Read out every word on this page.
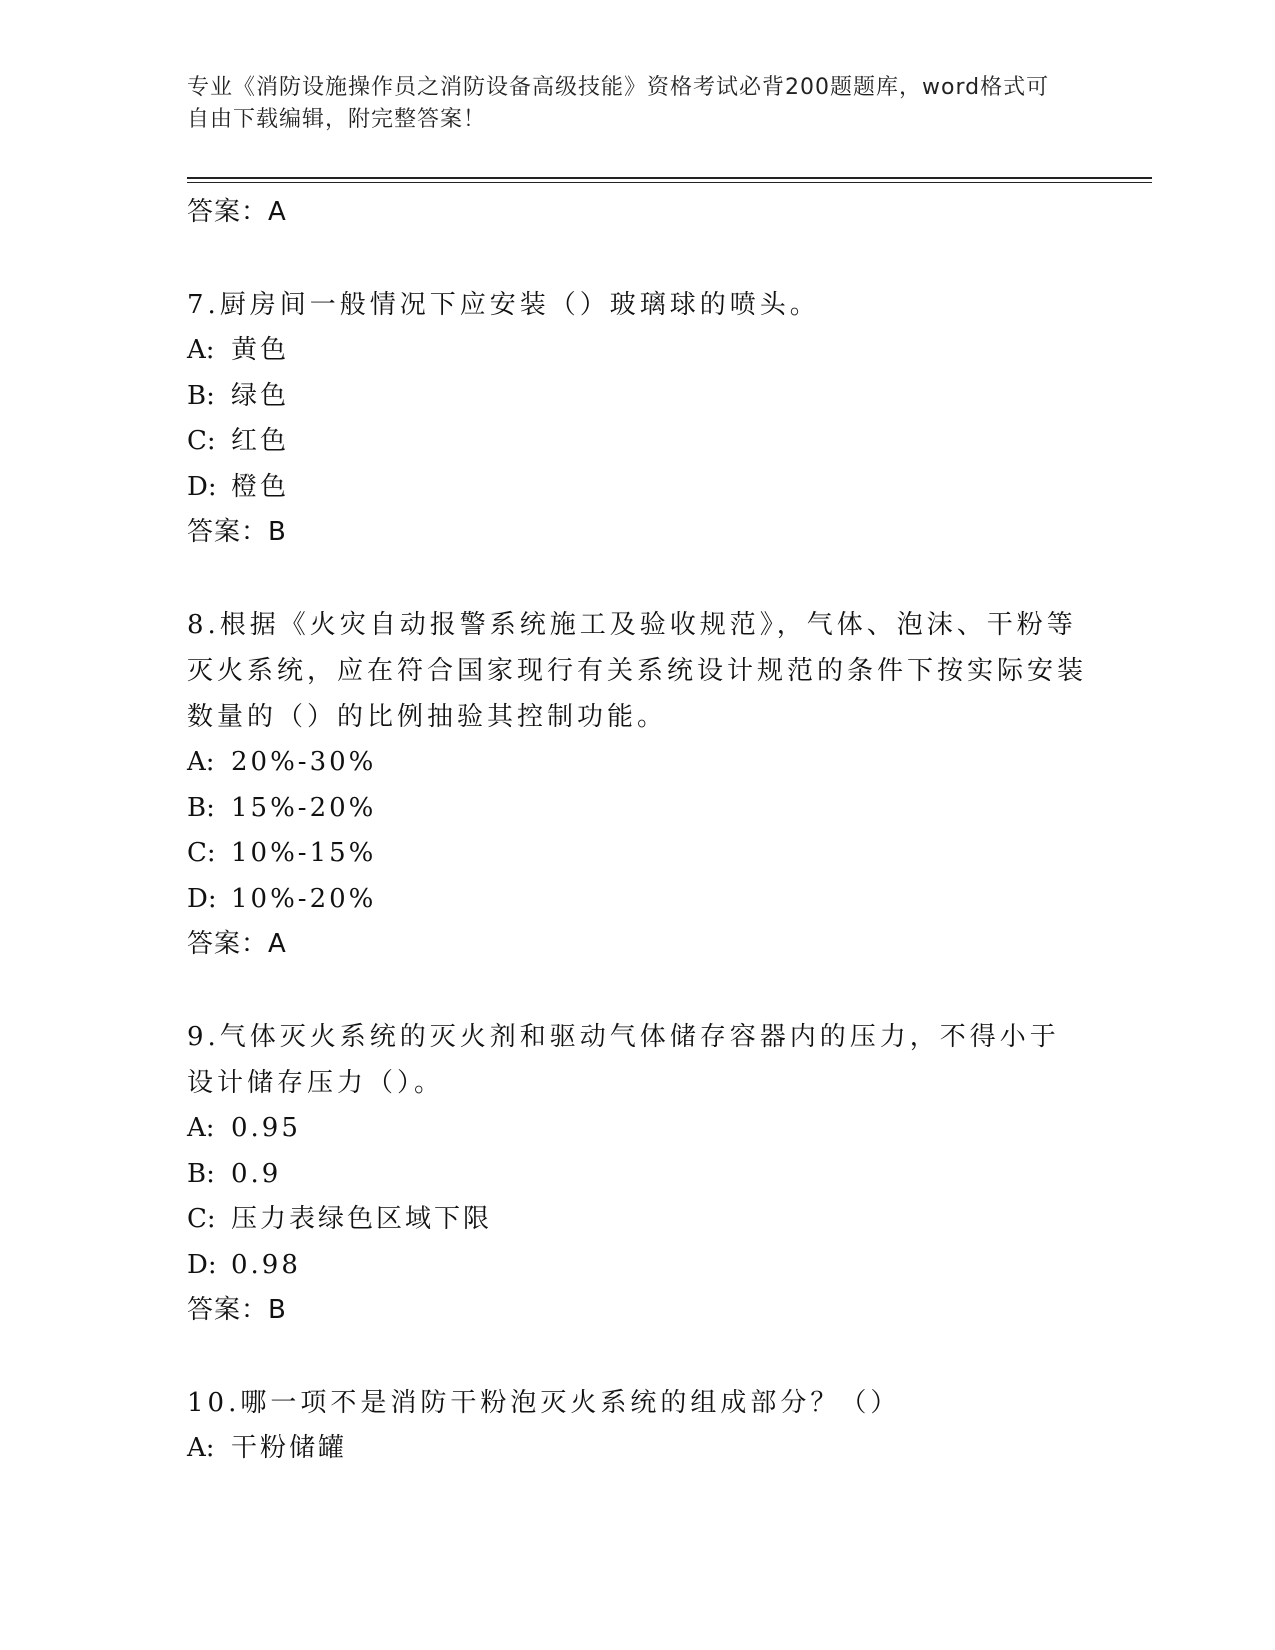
专业《消防设施操作员之消防设备高级技能》资格考试必背200题题库，word格式可自由下载编辑，附完整答案！
答案：A
7.厨房间一般情况下应安装（）玻璃球的喷头。
A: 黄色
B: 绿色
C: 红色
D: 橙色
答案：B
8.根据《火灾自动报警系统施工及验收规范》，气体、泡沫、干粉等灭火系统，应在符合国家现行有关系统设计规范的条件下按实际安装数量的（）的比例抽验其控制功能。
A: 20%-30%
B: 15%-20%
C: 10%-15%
D: 10%-20%
答案：A
9.气体灭火系统的灭火剂和驱动气体储存容器内的压力，不得小于设计储存压力（）。
A: 0.95
B: 0.9
C: 压力表绿色区域下限
D: 0.98
答案：B
10.哪一项不是消防干粉泡灭火系统的组成部分？（）
A: 干粉储罐
